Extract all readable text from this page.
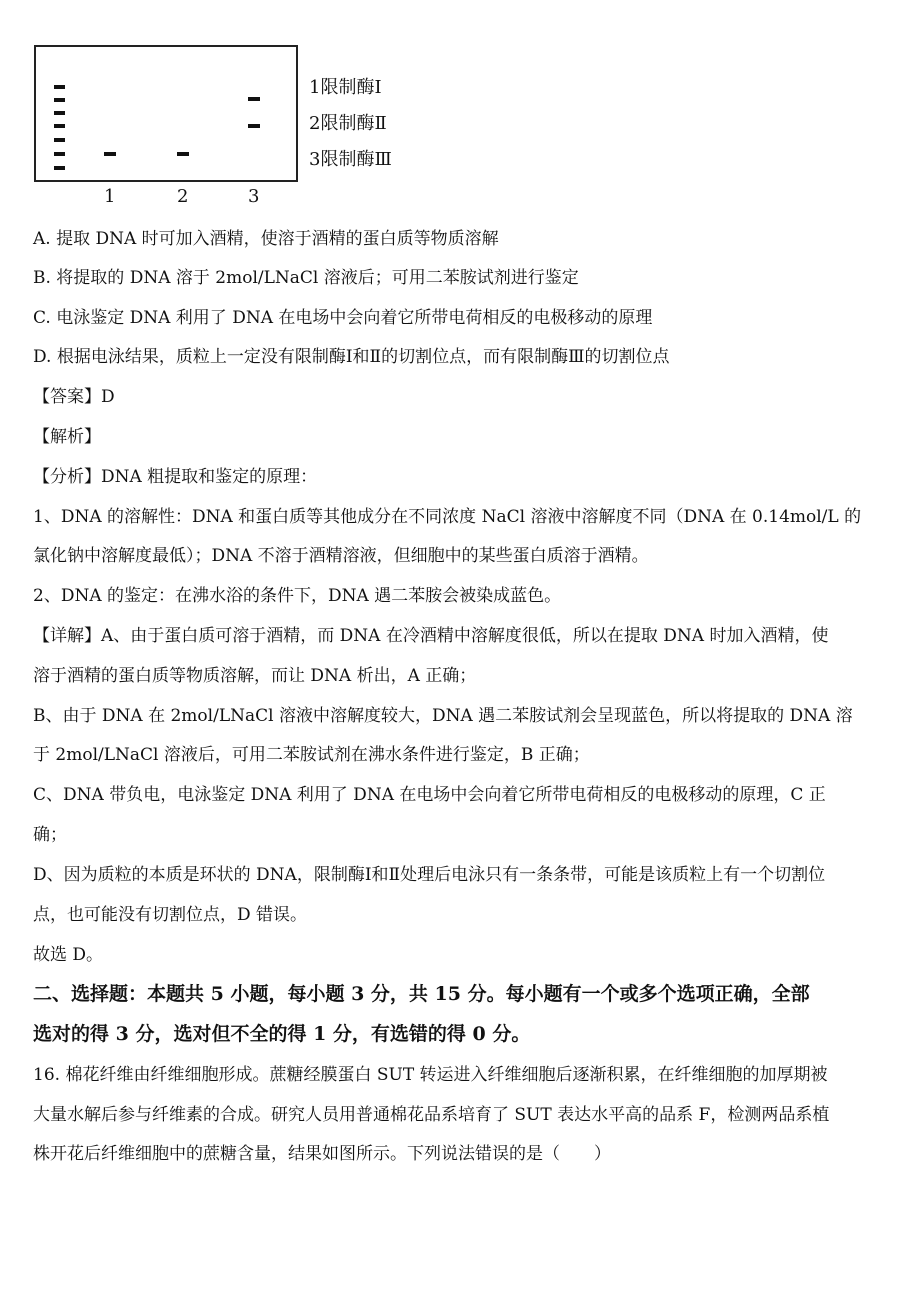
1	2	3
1限制酶Ⅰ
2限制酶Ⅱ
3限制酶Ⅲ
A. 提取 DNA 时可加入酒精，使溶于酒精的蛋白质等物质溶解
B. 将提取的 DNA 溶于 2mol/LNaCl 溶液后；可用二苯胺试剂进行鉴定
C. 电泳鉴定 DNA 利用了 DNA 在电场中会向着它所带电荷相反的电极移动的原理
D. 根据电泳结果，质粒上一定没有限制酶Ⅰ和Ⅱ的切割位点，而有限制酶Ⅲ的切割位点
【答案】D
【解析】
【分析】DNA 粗提取和鉴定的原理：
1、DNA 的溶解性：DNA 和蛋白质等其他成分在不同浓度 NaCl 溶液中溶解度不同（DNA 在 0.14mol/L 的
氯化钠中溶解度最低）；DNA 不溶于酒精溶液，但细胞中的某些蛋白质溶于酒精。
2、DNA 的鉴定：在沸水浴的条件下，DNA 遇二苯胺会被染成蓝色。
【详解】A、由于蛋白质可溶于酒精，而 DNA 在冷酒精中溶解度很低，所以在提取 DNA 时加入酒精，使
溶于酒精的蛋白质等物质溶解，而让 DNA 析出，A 正确；
B、由于 DNA 在 2mol/LNaCl 溶液中溶解度较大，DNA 遇二苯胺试剂会呈现蓝色，所以将提取的 DNA 溶
于 2mol/LNaCl 溶液后，可用二苯胺试剂在沸水条件进行鉴定，B 正确；
C、DNA 带负电，电泳鉴定 DNA 利用了 DNA 在电场中会向着它所带电荷相反的电极移动的原理，C 正
确；
D、因为质粒的本质是环状的 DNA，限制酶Ⅰ和Ⅱ处理后电泳只有一条条带，可能是该质粒上有一个切割位
点，也可能没有切割位点，D 错误。
故选 D。
二、选择题：本题共 5 小题，每小题 3 分，共 15 分。每小题有一个或多个选项正确，全部
选对的得 3 分，选对但不全的得 1 分，有选错的得 0 分。
16. 棉花纤维由纤维细胞形成。蔗糖经膜蛋白 SUT 转运进入纤维细胞后逐渐积累，在纤维细胞的加厚期被
大量水解后参与纤维素的合成。研究人员用普通棉花品系培育了 SUT 表达水平高的品系 F，检测两品系植
株开花后纤维细胞中的蔗糖含量，结果如图所示。下列说法错误的是（　　）
